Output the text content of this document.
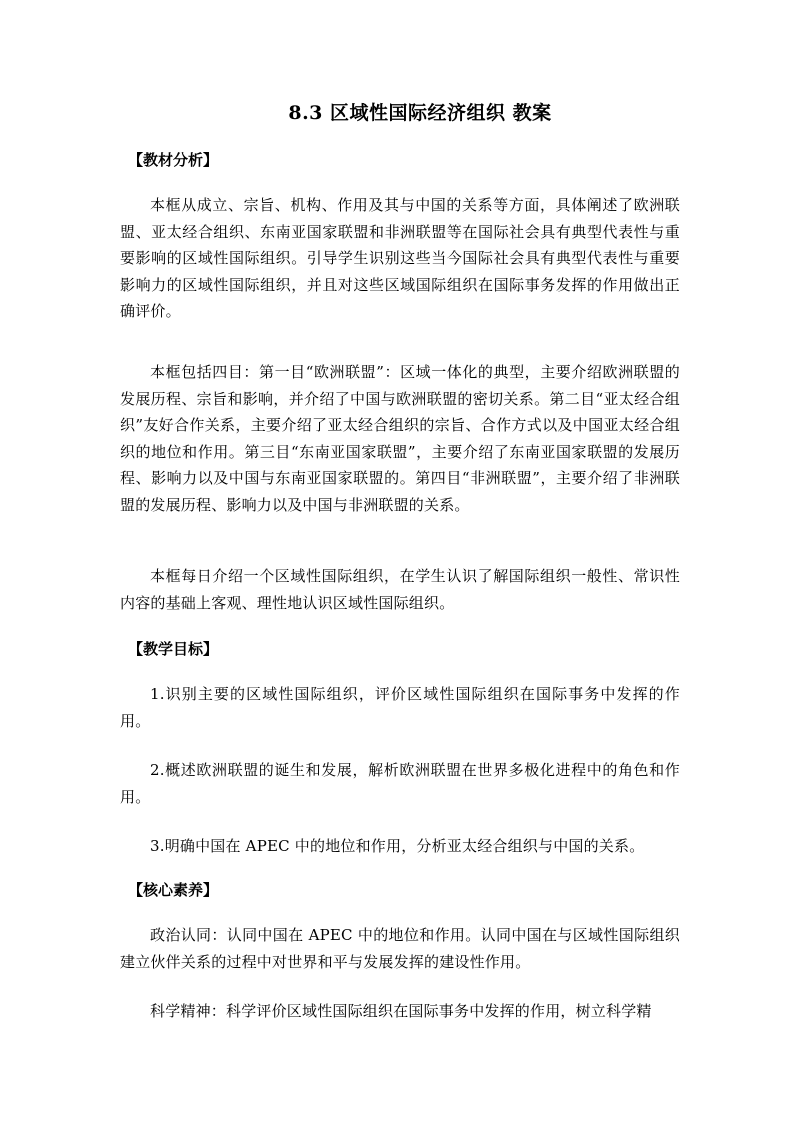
8.3 区域性国际经济组织 教案
【教材分析】
本框从成立、宗旨、机构、作用及其与中国的关系等方面，具体阐述了欧洲联盟、亚太经合组织、东南亚国家联盟和非洲联盟等在国际社会具有典型代表性与重要影响的区域性国际组织。引导学生识别这些当今国际社会具有典型代表性与重要影响力的区域性国际组织，并且对这些区域国际组织在国际事务发挥的作用做出正确评价。
本框包括四目：第一目“欧洲联盟”：区域一体化的典型，主要介绍欧洲联盟的发展历程、宗旨和影响，并介绍了中国与欧洲联盟的密切关系。第二目“亚太经合组织”友好合作关系，主要介绍了亚太经合组织的宗旨、合作方式以及中国亚太经合组织的地位和作用。第三目“东南亚国家联盟”，主要介绍了东南亚国家联盟的发展历程、影响力以及中国与东南亚国家联盟的。第四目“非洲联盟”，主要介绍了非洲联盟的发展历程、影响力以及中国与非洲联盟的关系。
本框每日介绍一个区域性国际组织，在学生认识了解国际组织一般性、常识性内容的基础上客观、理性地认识区域性国际组织。
【教学目标】
1.识别主要的区域性国际组织，评价区域性国际组织在国际事务中发挥的作用。
2.概述欧洲联盟的诞生和发展，解析欧洲联盟在世界多极化进程中的角色和作用。
3.明确中国在 APEC 中的地位和作用，分析亚太经合组织与中国的关系。
【核心素养】
政治认同：认同中国在 APEC 中的地位和作用。认同中国在与区域性国际组织建立伙伴关系的过程中对世界和平与发展发挥的建设性作用。
科学精神：科学评价区域性国际组织在国际事务中发挥的作用，树立科学精
